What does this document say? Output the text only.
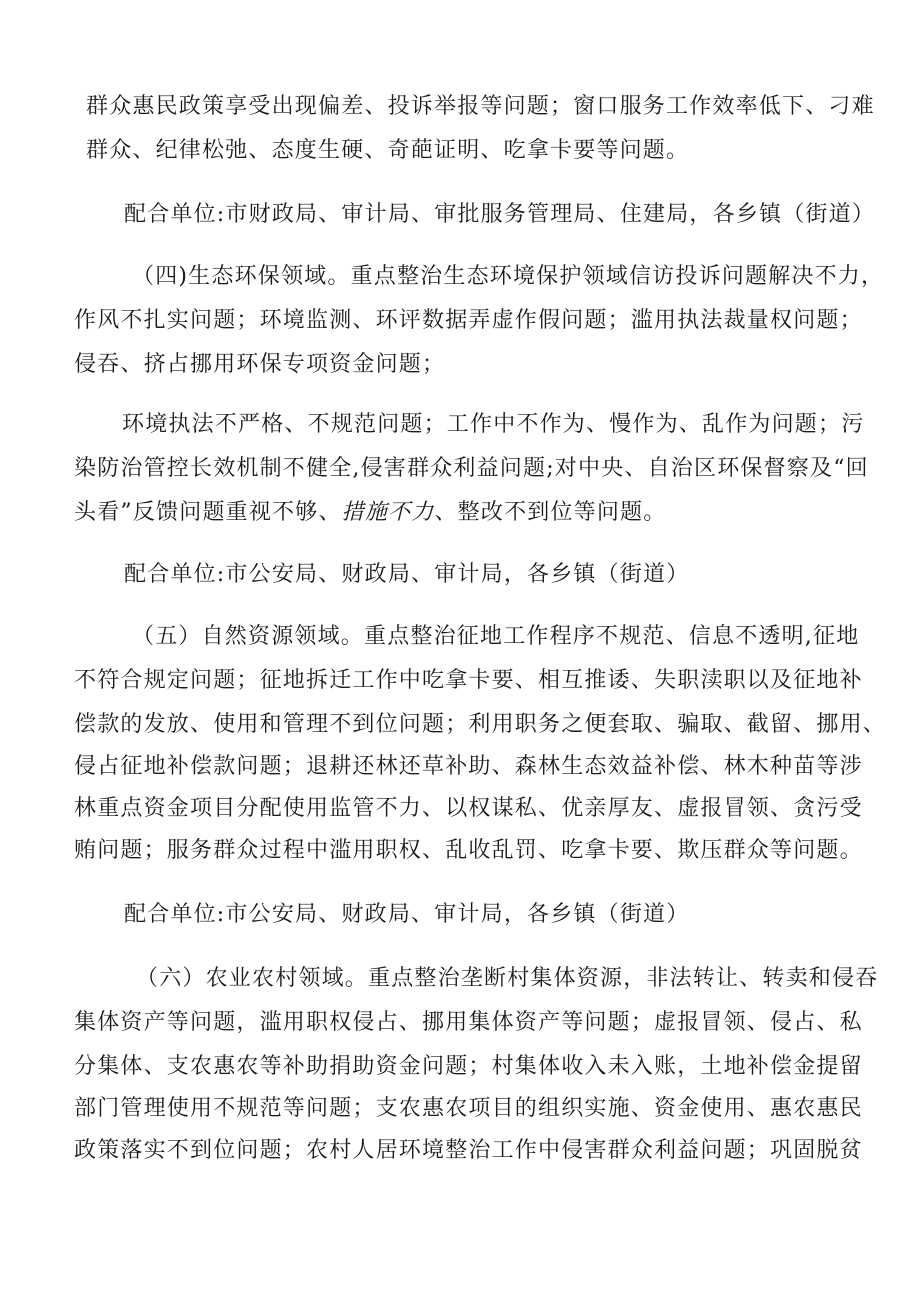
群众惠民政策享受出现偏差、投诉举报等问题；窗口服务工作效率低下、刁难
群众、纪律松弛、态度生硬、奇葩证明、吃拿卡要等问题。
配合单位:市财政局、审计局、审批服务管理局、住建局，各乡镇（街道）
（四)生态环保领域。重点整治生态环境保护领域信访投诉问题解决不力，
作风不扎实问题；环境监测、环评数据弄虚作假问题；滥用执法裁量权问题；
侵吞、挤占挪用环保专项资金问题；
环境执法不严格、不规范问题；工作中不作为、慢作为、乱作为问题；污
染防治管控长效机制不健全,侵害群众利益问题;对中央、自治区环保督察及“回
头看”反馈问题重视不够、措施不力、整改不到位等问题。
配合单位:市公安局、财政局、审计局，各乡镇（街道）
（五）自然资源领域。重点整治征地工作程序不规范、信息不透明,征地
不符合规定问题；征地拆迁工作中吃拿卡要、相互推诿、失职渎职以及征地补
偿款的发放、使用和管理不到位问题；利用职务之便套取、骗取、截留、挪用、
侵占征地补偿款问题；退耕还林还草补助、森林生态效益补偿、林木种苗等涉
林重点资金项目分配使用监管不力、以权谋私、优亲厚友、虚报冒领、贪污受
贿问题；服务群众过程中滥用职权、乱收乱罚、吃拿卡要、欺压群众等问题。
配合单位:市公安局、财政局、审计局，各乡镇（街道）
（六）农业农村领域。重点整治垄断村集体资源，非法转让、转卖和侵吞
集体资产等问题，滥用职权侵占、挪用集体资产等问题；虚报冒领、侵占、私
分集体、支农惠农等补助捐助资金问题；村集体收入未入账，土地补偿金提留
部门管理使用不规范等问题；支农惠农项目的组织实施、资金使用、惠农惠民
政策落实不到位问题；农村人居环境整治工作中侵害群众利益问题；巩固脱贫
